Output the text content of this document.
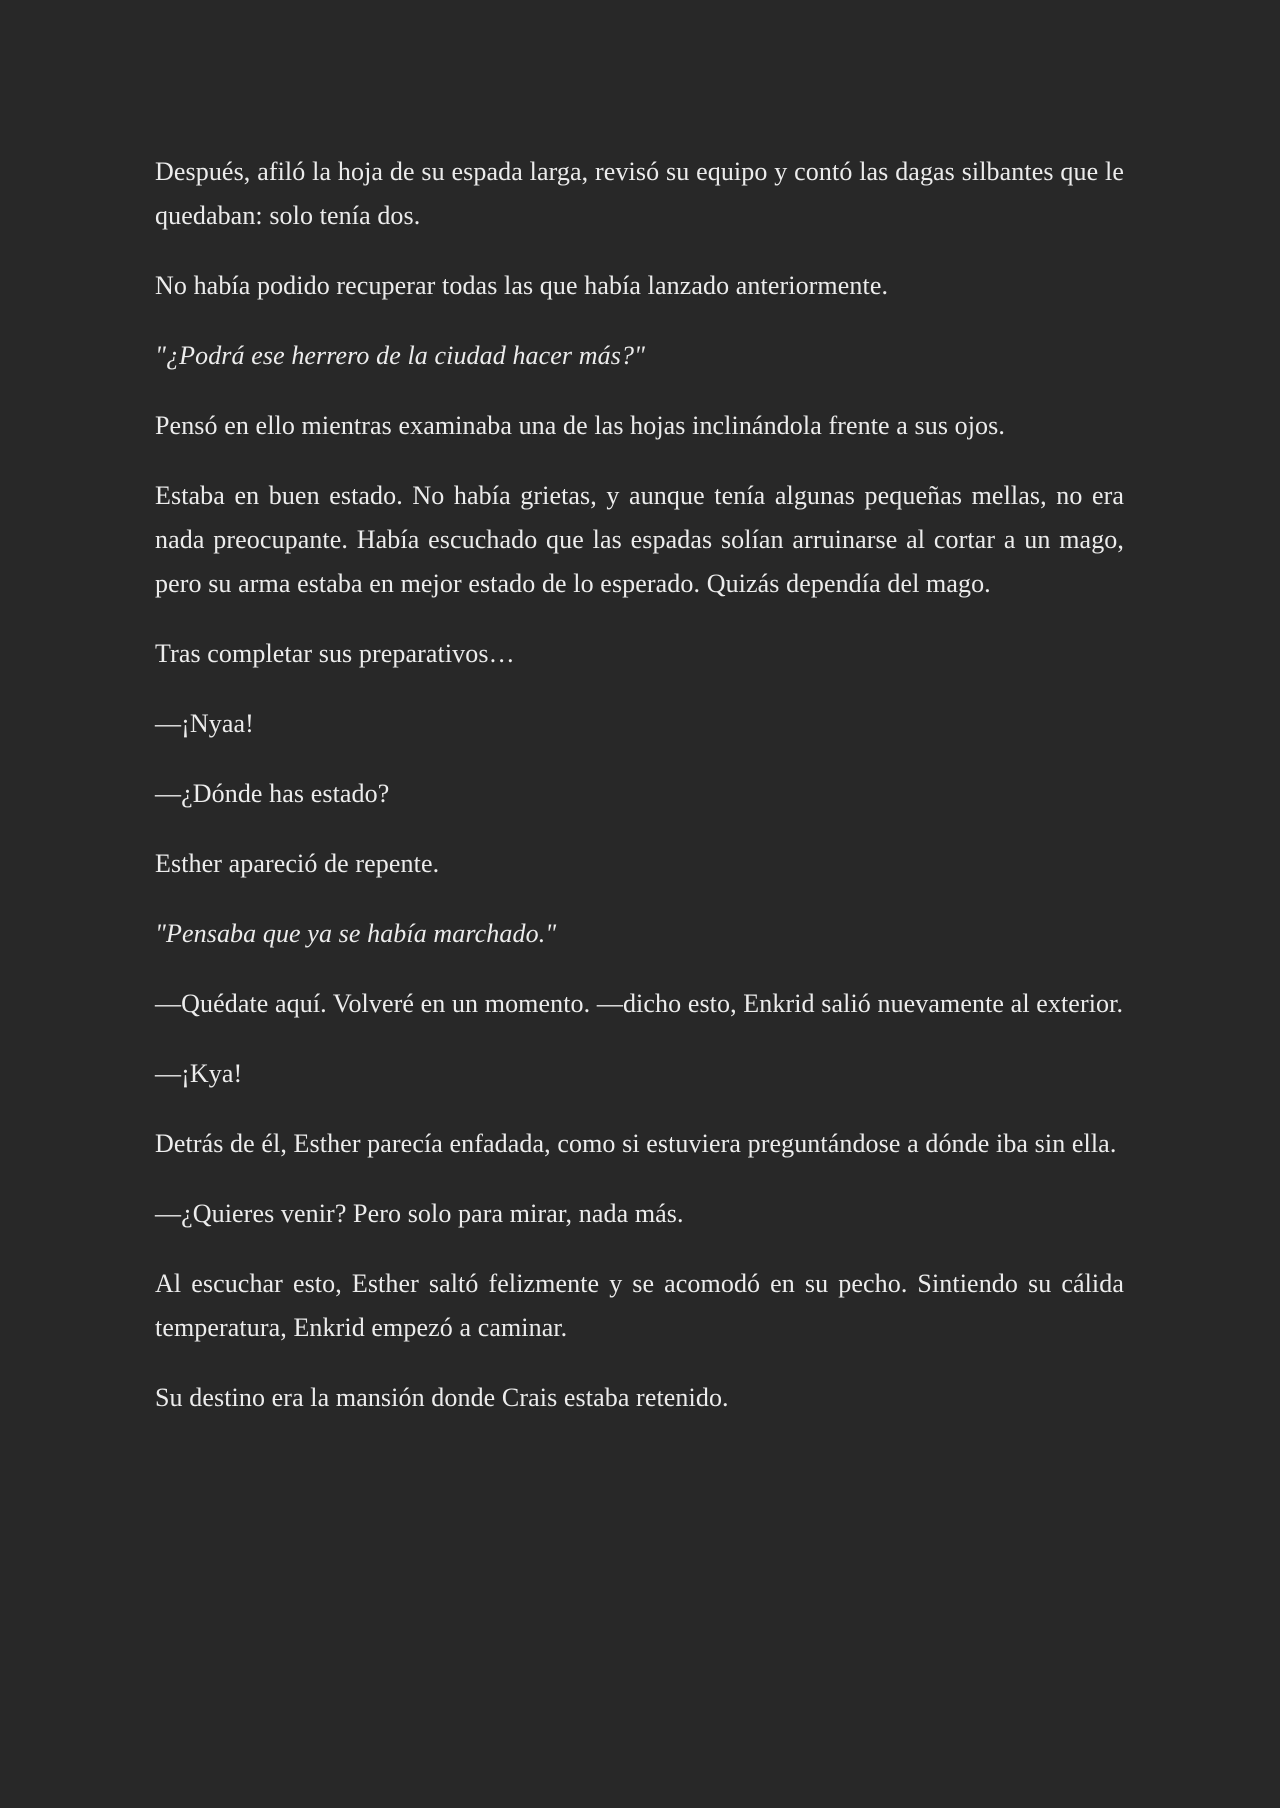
Después, afiló la hoja de su espada larga, revisó su equipo y contó las dagas silbantes que le quedaban: solo tenía dos.

No había podido recuperar todas las que había lanzado anteriormente.

"¿Podrá ese herrero de la ciudad hacer más?"

Pensó en ello mientras examinaba una de las hojas inclinándola frente a sus ojos.

Estaba en buen estado. No había grietas, y aunque tenía algunas pequeñas mellas, no era nada preocupante. Había escuchado que las espadas solían arruinarse al cortar a un mago, pero su arma estaba en mejor estado de lo esperado. Quizás dependía del mago.

Tras completar sus preparativos…

—¡Nyaa!

—¿Dónde has estado?

Esther apareció de repente.

"Pensaba que ya se había marchado."

—Quédate aquí. Volveré en un momento. —dicho esto, Enkrid salió nuevamente al exterior.

—¡Kya!

Detrás de él, Esther parecía enfadada, como si estuviera preguntándose a dónde iba sin ella.

—¿Quieres venir? Pero solo para mirar, nada más.

Al escuchar esto, Esther saltó felizmente y se acomodó en su pecho. Sintiendo su cálida temperatura, Enkrid empezó a caminar.

Su destino era la mansión donde Crais estaba retenido.
